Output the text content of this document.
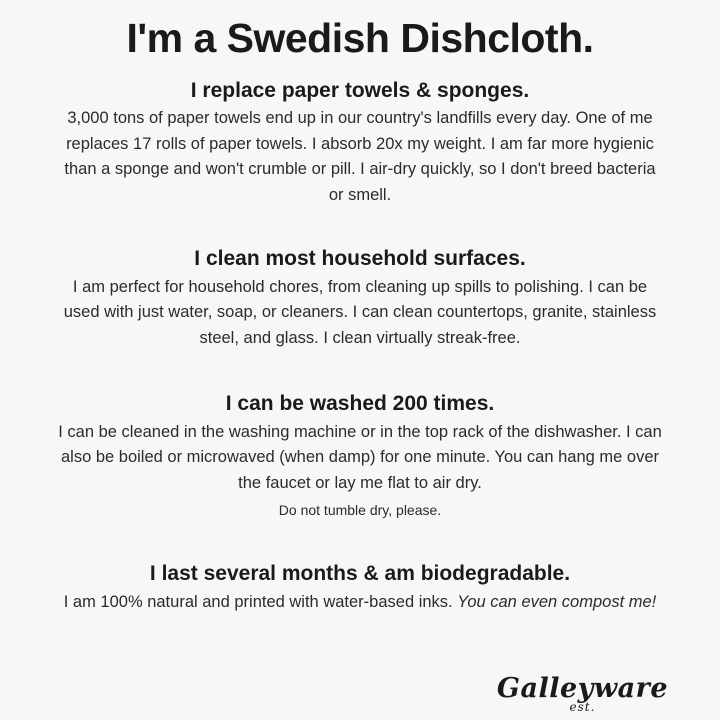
I'm a Swedish Dishcloth.
I replace paper towels & sponges.

3,000 tons of paper towels end up in our country's landfills every day. One of me replaces 17 rolls of paper towels. I absorb 20x my weight. I am far more hygienic than a sponge and won't crumble or pill. I air-dry quickly, so I don't breed bacteria or smell.

I clean most household surfaces.

I am perfect for household chores, from cleaning up spills to polishing. I can be used with just water, soap, or cleaners. I can clean countertops, granite, stainless steel, and glass. I clean virtually streak-free.

I can be washed 200 times.

I can be cleaned in the washing machine or in the top rack of the dishwasher. I can also be boiled or microwaved (when damp) for one minute. You can hang me over the faucet or lay me flat to air dry.

Do not tumble dry, please.

I last several months & am biodegradable.

I am 100% natural and printed with water-based inks. You can even compost me!

Galleyware
est.
